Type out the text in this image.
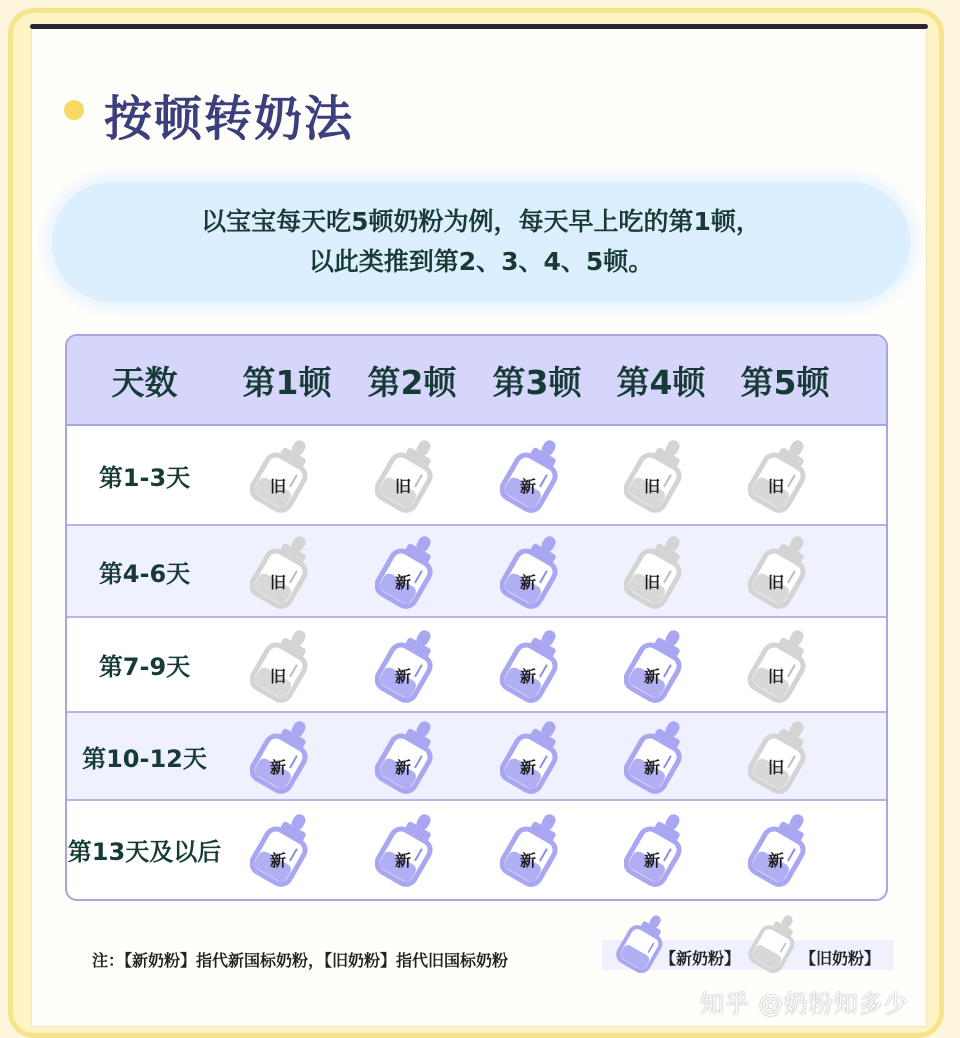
按顿转奶法
以宝宝每天吃5顿奶粉为例，每天早上吃的第1顿，
以此类推到第2、3、4、5顿。
天数	第1顿	第2顿	第3顿	第4顿	第5顿
第1-3天	旧	旧	新	旧	旧
第4-6天	旧	新	新	旧	旧
第7-9天	旧	新	新	新	旧
第10-12天	新	新	新	新	旧
第13天及以后	新	新	新	新	新
注：【新奶粉】指代新国标奶粉，【旧奶粉】指代旧国标奶粉	【新奶粉】	【旧奶粉】
知乎 @奶粉知多少
